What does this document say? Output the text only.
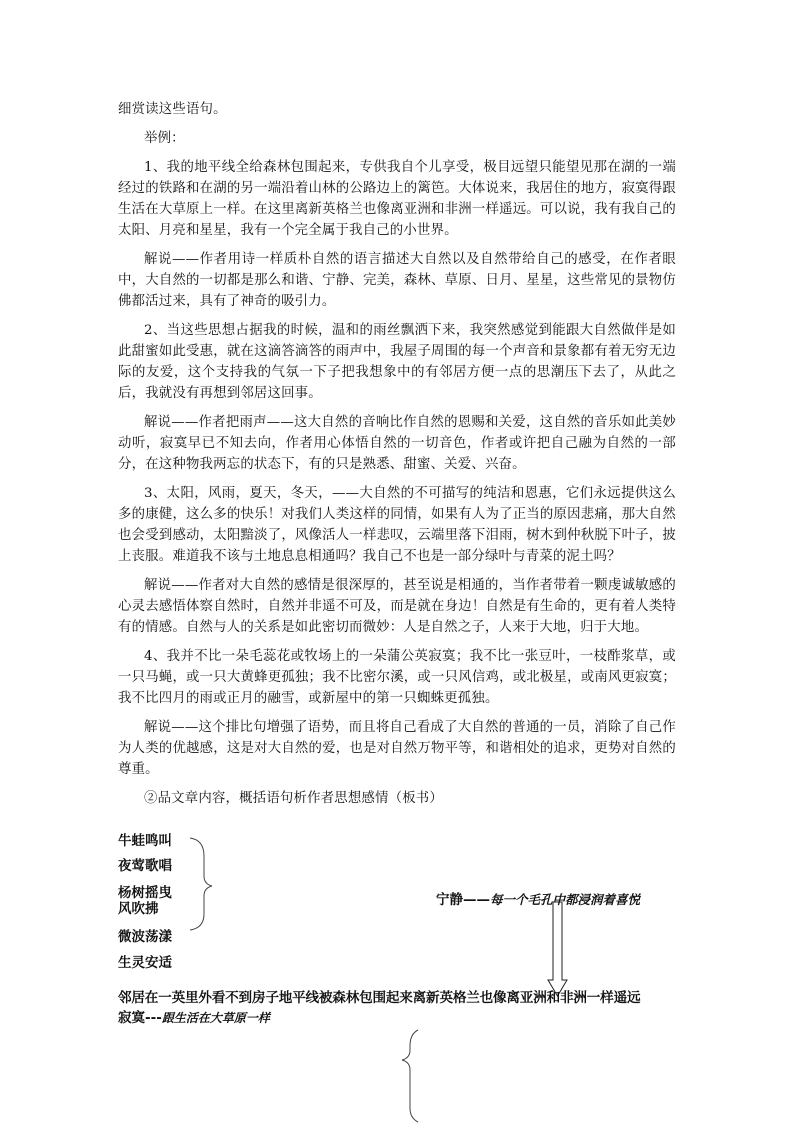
细赏读这些语句。

举例：

1、我的地平线全给森林包围起来，专供我自个儿享受，极目远望只能望见那在湖的一端经过的铁路和在湖的另一端沿着山林的公路边上的篱笆。大体说来，我居住的地方，寂寞得跟生活在大草原上一样。在这里离新英格兰也像离亚洲和非洲一样遥远。可以说，我有我自己的太阳、月亮和星星，我有一个完全属于我自己的小世界。

解说——作者用诗一样质朴自然的语言描述大自然以及自然带给自己的感受，在作者眼中，大自然的一切都是那么和谐、宁静、完美，森林、草原、日月、星星，这些常见的景物仿佛都活过来，具有了神奇的吸引力。

2、当这些思想占据我的时候，温和的雨丝飘洒下来，我突然感觉到能跟大自然做伴是如此甜蜜如此受惠，就在这滴答滴答的雨声中，我屋子周围的每一个声音和景象都有着无穷无边际的友爱，这个支持我的气氛一下子把我想象中的有邻居方便一点的思潮压下去了，从此之后，我就没有再想到邻居这回事。

解说——作者把雨声——这大自然的音响比作自然的恩赐和关爱，这自然的音乐如此美妙动听，寂寞早已不知去向，作者用心体悟自然的一切音色，作者或许把自己融为自然的一部分，在这种物我两忘的状态下，有的只是熟悉、甜蜜、关爱、兴奋。

3、太阳，风雨，夏天，冬天，——大自然的不可描写的纯洁和恩惠，它们永远提供这么多的康健，这么多的快乐！对我们人类这样的同情，如果有人为了正当的原因悲痛，那大自然也会受到感动，太阳黯淡了，风像活人一样悲叹，云端里落下泪雨，树木到仲秋脱下叶子，披上丧服。难道我不该与土地息息相通吗？我自己不也是一部分绿叶与青菜的泥土吗？

解说——作者对大自然的感情是很深厚的，甚至说是相通的，当作者带着一颗虔诚敏感的心灵去感悟体察自然时，自然并非遥不可及，而是就在身边！自然是有生命的，更有着人类特有的情感。自然与人的关系是如此密切而微妙：人是自然之子，人来于大地，归于大地。

4、我并不比一朵毛蕊花或牧场上的一朵蒲公英寂寞；我不比一张豆叶，一枝酢浆草，或一只马蝇，或一只大黄蜂更孤独；我不比密尔溪，或一只风信鸡，或北极星，或南风更寂寞；我不比四月的雨或正月的融雪，或新屋中的第一只蜘蛛更孤独。

解说——这个排比句增强了语势，而且将自己看成了大自然的普通的一员，消除了自己作为人类的优越感，这是对大自然的爱，也是对自然万物平等，和谐相处的追求，更势对自然的尊重。

②品文章内容，概括语句析作者思想感情（板书）

牛蛙鸣叫
夜莺歌唱
杨树摇曳
风吹拂
微波荡漾
生灵安适
宁静——每一个毛孔中都浸润着喜悦
邻居在一英里外看不到房子地平线被森林包围起来离新英格兰也像离亚洲和非洲一样遥远
寂寞---跟生活在大草原一样
